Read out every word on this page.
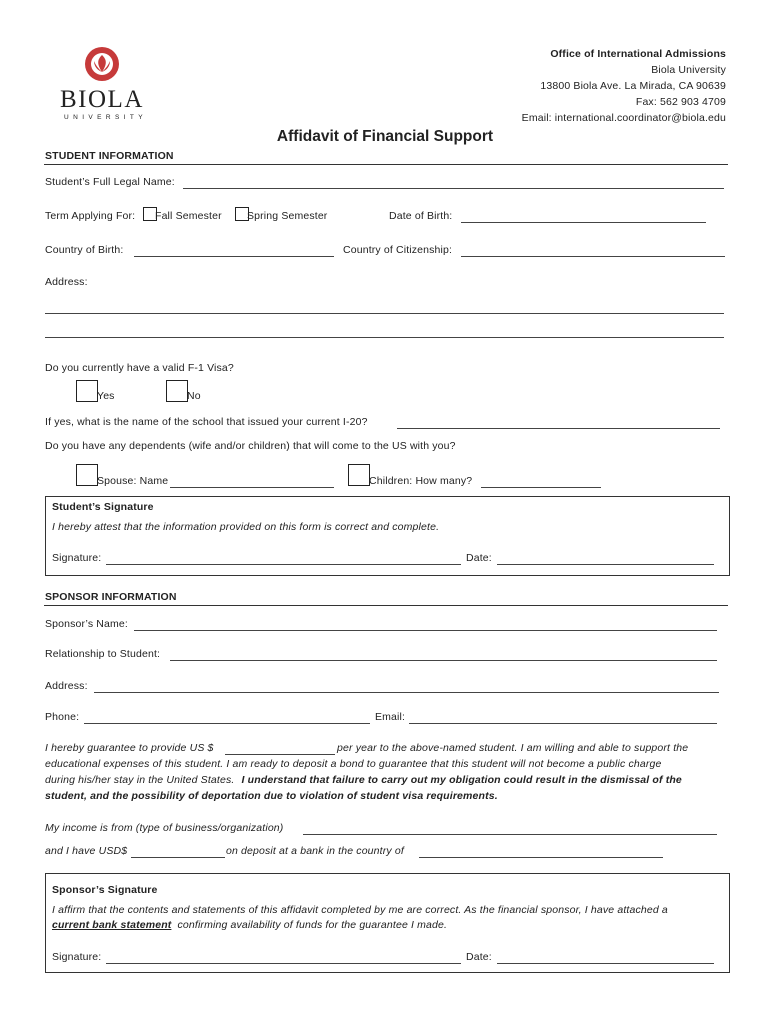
BIOLA
UNIVERSITY
Office of International Admissions
Biola University
13800 Biola Ave. La Mirada, CA 90639
Fax: 562 903 4709
Email: international.coordinator@biola.edu
Affidavit of Financial Support
STUDENT INFORMATION
Student’s Full Legal Name:
Term Applying For: Fall Semester Spring Semester	Date of Birth:
Country of Birth:	Country of Citizenship:
Address:
Do you currently have a valid F-1 Visa?
Yes	No
If yes, what is the name of the school that issued your current I-20?
Do you have any dependents (wife and/or children) that will come to the US with you?
Spouse: Name	Children: How many?
Student’s Signature
I hereby attest that the information provided on this form is correct and complete.
Signature:	Date:
SPONSOR INFORMATION
Sponsor’s Name:
Relationship to Student:
Address:
Phone:	Email:
I hereby guarantee to provide US $	per year to the above-named student. I am willing and able to support the
educational expenses of this student. I am ready to deposit a bond to guarantee that this student will not become a public charge
during his/her stay in the United States. I understand that failure to carry out my obligation could result in the dismissal of the
student, and the possibility of deportation due to violation of student visa requirements.
My income is from (type of business/organization)
and I have USD$	on deposit at a bank in the country of
Sponsor’s Signature
I affirm that the contents and statements of this affidavit completed by me are correct. As the financial sponsor, I have attached a
current bank statement confirming availability of funds for the guarantee I made.
Signature:	Date:
